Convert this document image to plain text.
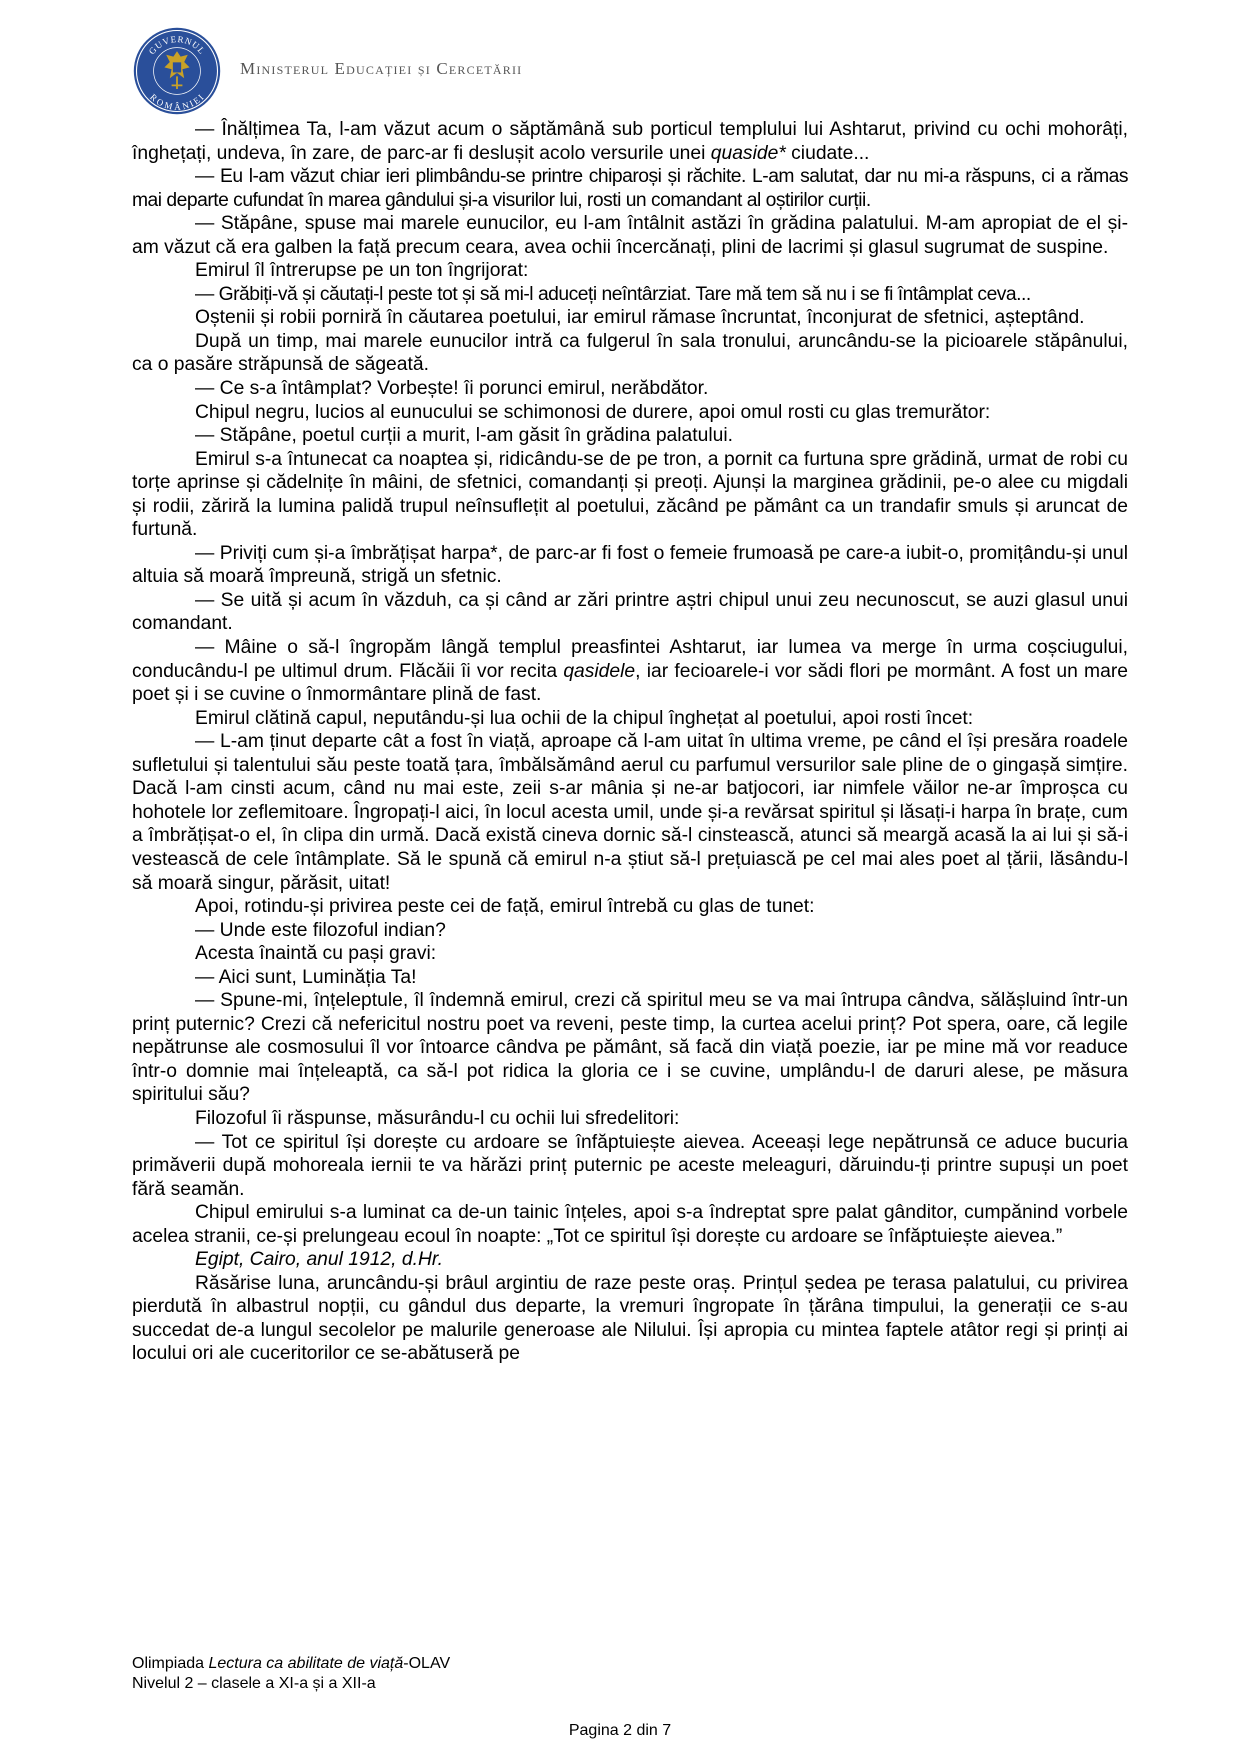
GUVERNUL
ROMÂNIEI
Ministerul Educației și Cercetării

— Înălțimea Ta, l-am văzut acum o săptămână sub porticul templului lui Ashtarut, privind cu ochi mohorâți, înghețați, undeva, în zare, de parc-ar fi deslușit acolo versurile unei quaside* ciudate...

— Eu l-am văzut chiar ieri plimbându-se printre chiparoși și răchite. L-am salutat, dar nu mi-a răspuns, ci a rămas mai departe cufundat în marea gândului și-a visurilor lui, rosti un comandant al oștirilor curții.

— Stăpâne, spuse mai marele eunucilor, eu l-am întâlnit astăzi în grădina palatului. M-am apropiat de el și-am văzut că era galben la față precum ceara, avea ochii încercănați, plini de lacrimi și glasul sugrumat de suspine.

Emirul îl întrerupse pe un ton îngrijorat:

— Grăbiți-vă și căutați-l peste tot și să mi-l aduceți neîntârziat. Tare mă tem să nu i se fi întâmplat ceva...

Oștenii și robii porniră în căutarea poetului, iar emirul rămase încruntat, înconjurat de sfetnici, așteptând.

După un timp, mai marele eunucilor intră ca fulgerul în sala tronului, aruncându-se la picioarele stăpânului, ca o pasăre străpunsă de săgeată.

— Ce s-a întâmplat? Vorbește! îi porunci emirul, nerăbdător.

Chipul negru, lucios al eunucului se schimonosi de durere, apoi omul rosti cu glas tremurător:

— Stăpâne, poetul curții a murit, l-am găsit în grădina palatului.

Emirul s-a întunecat ca noaptea și, ridicându-se de pe tron, a pornit ca furtuna spre grădină, urmat de robi cu torțe aprinse și cădelnițe în mâini, de sfetnici, comandanți și preoți. Ajunși la marginea grădinii, pe-o alee cu migdali și rodii, zăriră la lumina palidă trupul neînsuflețit al poetului, zăcând pe pământ ca un trandafir smuls și aruncat de furtună.

— Priviți cum și-a îmbrățișat harpa*, de parc-ar fi fost o femeie frumoasă pe care-a iubit-o, promițându-și unul altuia să moară împreună, strigă un sfetnic.

— Se uită și acum în văzduh, ca și când ar zări printre aștri chipul unui zeu necunoscut, se auzi glasul unui comandant.

— Mâine o să-l îngropăm lângă templul preasfintei Ashtarut, iar lumea va merge în urma coșciugului, conducându-l pe ultimul drum. Flăcăii îi vor recita qasidele, iar fecioarele-i vor sădi flori pe mormânt. A fost un mare poet și i se cuvine o înmormântare plină de fast.

Emirul clătină capul, neputându-și lua ochii de la chipul înghețat al poetului, apoi rosti încet:

— L-am ținut departe cât a fost în viață, aproape că l-am uitat în ultima vreme, pe când el își presăra roadele sufletului și talentului său peste toată țara, îmbălsămând aerul cu parfumul versurilor sale pline de o gingașă simțire. Dacă l-am cinsti acum, când nu mai este, zeii s-ar mânia și ne-ar batjocori, iar nimfele văilor ne-ar împroșca cu hohotele lor zeflemitoare. Îngropați-l aici, în locul acesta umil, unde și-a revărsat spiritul și lăsați-i harpa în brațe, cum a îmbrățișat-o el, în clipa din urmă. Dacă există cineva dornic să-l cinstească, atunci să meargă acasă la ai lui și să-i vestească de cele întâmplate. Să le spună că emirul n-a știut să-l prețuiască pe cel mai ales poet al țării, lăsându-l să moară singur, părăsit, uitat!

Apoi, rotindu-și privirea peste cei de față, emirul întrebă cu glas de tunet:

— Unde este filozoful indian?

Acesta înaintă cu pași gravi:

— Aici sunt, Luminăția Ta!

— Spune-mi, înțeleptule, îl îndemnă emirul, crezi că spiritul meu se va mai întrupa cândva, sălășluind într-un prinț puternic? Crezi că nefericitul nostru poet va reveni, peste timp, la curtea acelui prinț? Pot spera, oare, că legile nepătrunse ale cosmosului îl vor întoarce cândva pe pământ, să facă din viață poezie, iar pe mine mă vor readuce într-o domnie mai înțeleaptă, ca să-l pot ridica la gloria ce i se cuvine, umplându-l de daruri alese, pe măsura spiritului său?

Filozoful îi răspunse, măsurându-l cu ochii lui sfredelitori:

— Tot ce spiritul își dorește cu ardoare se înfăptuiește aievea. Aceeași lege nepătrunsă ce aduce bucuria primăverii după mohoreala iernii te va hărăzi prinț puternic pe aceste meleaguri, dăruindu-ți printre supuși un poet fără seamăn.

Chipul emirului s-a luminat ca de-un tainic înțeles, apoi s-a îndreptat spre palat gânditor, cumpănind vorbele acelea stranii, ce-și prelungeau ecoul în noapte: „Tot ce spiritul își dorește cu ardoare se înfăptuiește aievea.”

Egipt, Cairo, anul 1912, d.Hr.

Răsărise luna, aruncându-și brâul argintiu de raze peste oraș. Prințul ședea pe terasa palatului, cu privirea pierdută în albastrul nopții, cu gândul dus departe, la vremuri îngropate în țărâna timpului, la generații ce s-au succedat de-a lungul secolelor pe malurile generoase ale Nilului. Își apropia cu mintea faptele atâtor regi și prinți ai locului ori ale cuceritorilor ce se-abătuseră pe

Olimpiada Lectura ca abilitate de viață-OLAV
Nivelul 2 – clasele a XI-a și a XII-a
Pagina 2 din 7
